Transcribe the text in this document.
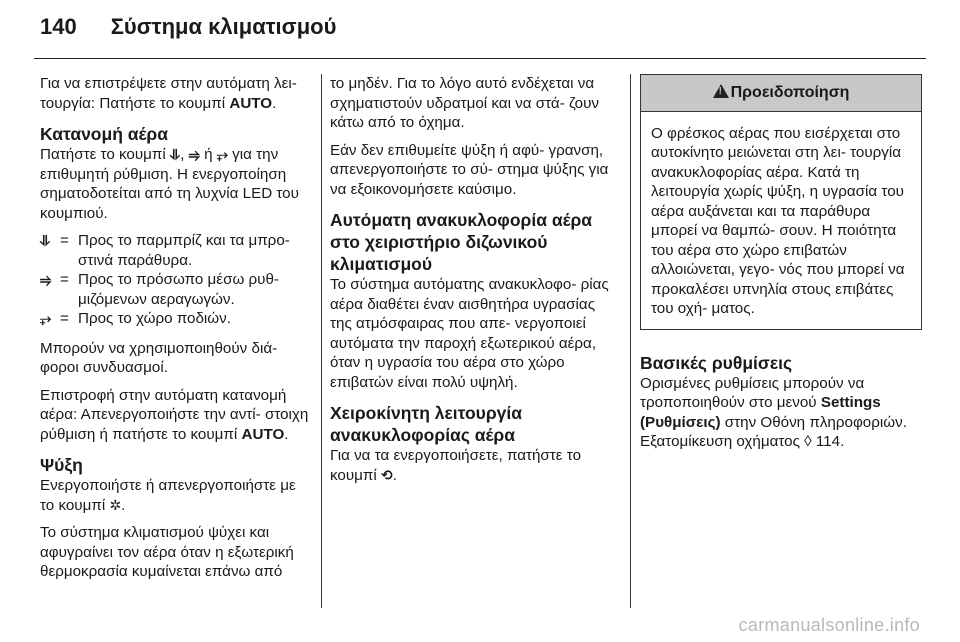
140 Σύστημα κλιματισμού

Για να επιστρέψετε στην αυτόματη λει- τουργία: Πατήστε το κουμπί AUTO.

Κατανομή αέρα

Πατήστε το κουμπί ⥥, ⥤ ή ⥅ για την επιθυμητή ρύθμιση. Η ενεργοποίηση σηματοδοτείται από τη λυχνία LED του κουμπιού.

⥥ = Προς το παρμπρίζ και τα μπρο- στινά παράθυρα.
⥤ = Προς το πρόσωπο μέσω ρυθ- μιζόμενων αεραγωγών.
⥅ = Προς το χώρο ποδιών.

Μπορούν να χρησιμοποιηθούν διά- φοροι συνδυασμοί.

Επιστροφή στην αυτόματη κατανομή αέρα: Απενεργοποιήστε την αντί- στοιχη ρύθμιση ή πατήστε το κουμπί AUTO.

Ψύξη

Ενεργοποιήστε ή απενεργοποιήστε με το κουμπί ✲.

Το σύστημα κλιματισμού ψύχει και αφυγραίνει τον αέρα όταν η εξωτερική θερμοκρασία κυμαίνεται επάνω από

το μηδέν. Για το λόγο αυτό ενδέχεται να σχηματιστούν υδρατμοί και να στά- ζουν κάτω από το όχημα.

Εάν δεν επιθυμείτε ψύξη ή αφύ- γρανση, απενεργοποιήστε το σύ- στημα ψύξης για να εξοικονομήσετε καύσιμο.

Αυτόματη ανακυκλοφορία αέρα στο χειριστήριο διζωνικού κλιματισμού

Το σύστημα αυτόματης ανακυκλοφο- ρίας αέρα διαθέτει έναν αισθητήρα υγρασίας της ατμόσφαιρας που απε- νεργοποιεί αυτόματα την παροχή εξωτερικού αέρα, όταν η υγρασία του αέρα στο χώρο επιβατών είναι πολύ υψηλή.

Χειροκίνητη λειτουργία ανακυκλοφορίας αέρα

Για να τα ενεργοποιήσετε, πατήστε το κουμπί ⟲.

!Προειδοποίηση

Ο φρέσκος αέρας που εισέρχεται στο αυτοκίνητο μειώνεται στη λει- τουργία ανακυκλοφορίας αέρα. Κατά τη λειτουργία χωρίς ψύξη, η υγρασία του αέρα αυξάνεται και τα παράθυρα μπορεί να θαμπώ- σουν. Η ποιότητα του αέρα στο χώρο επιβατών αλλοιώνεται, γεγο- νός που μπορεί να προκαλέσει υπνηλία στους επιβάτες του οχή- ματος.

Βασικές ρυθμίσεις

Ορισμένες ρυθμίσεις μπορούν να τροποποιηθούν στο μενού Settings (Ρυθμίσεις) στην Οθόνη πληροφοριών. Εξατομίκευση οχήματος ◊ 114.

carmanualsonline.info
